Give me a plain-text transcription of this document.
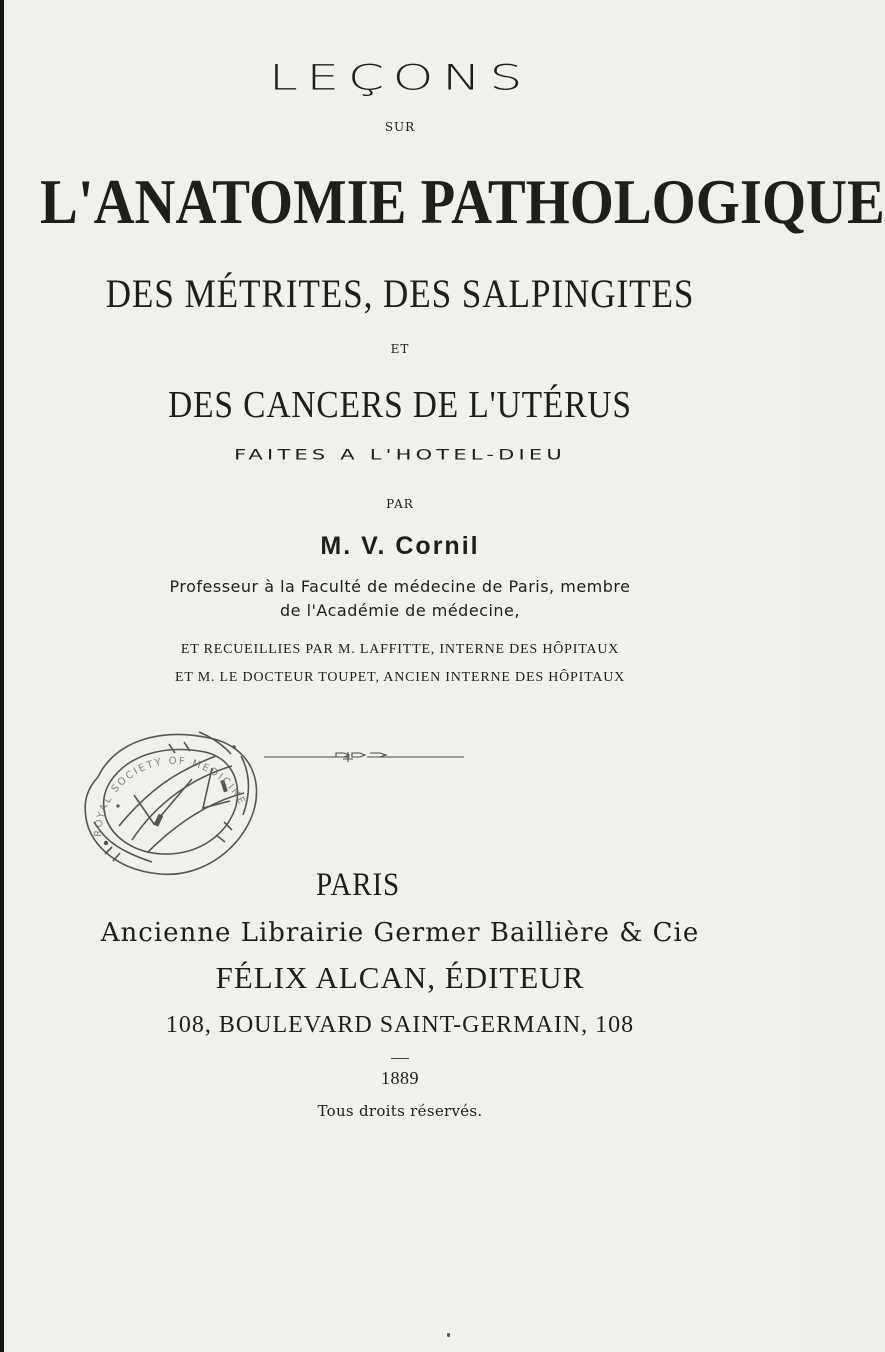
LEÇONS
SUR
L'ANATOMIE PATHOLOGIQUE
DES MÉTRITES, DES SALPINGITES
ET
DES CANCERS DE L'UTÉRUS
FAITES A L'HOTEL-DIEU
PAR
M. V. Cornil
Professeur à la Faculté de médecine de Paris, membre
de l'Académie de médecine,
ET RECUEILLIES PAR M. LAFFITTE, INTERNE DES HÔPITAUX
ET M. LE DOCTEUR TOUPET, ANCIEN INTERNE DES HÔPITAUX
ROYAL SOCIETY OF MEDICINE
PARIS
Ancienne Librairie Germer Baillière & Cie
FÉLIX ALCAN, ÉDITEUR
108, BOULEVARD SAINT-GERMAIN, 108
1889
Tous droits réservés.
